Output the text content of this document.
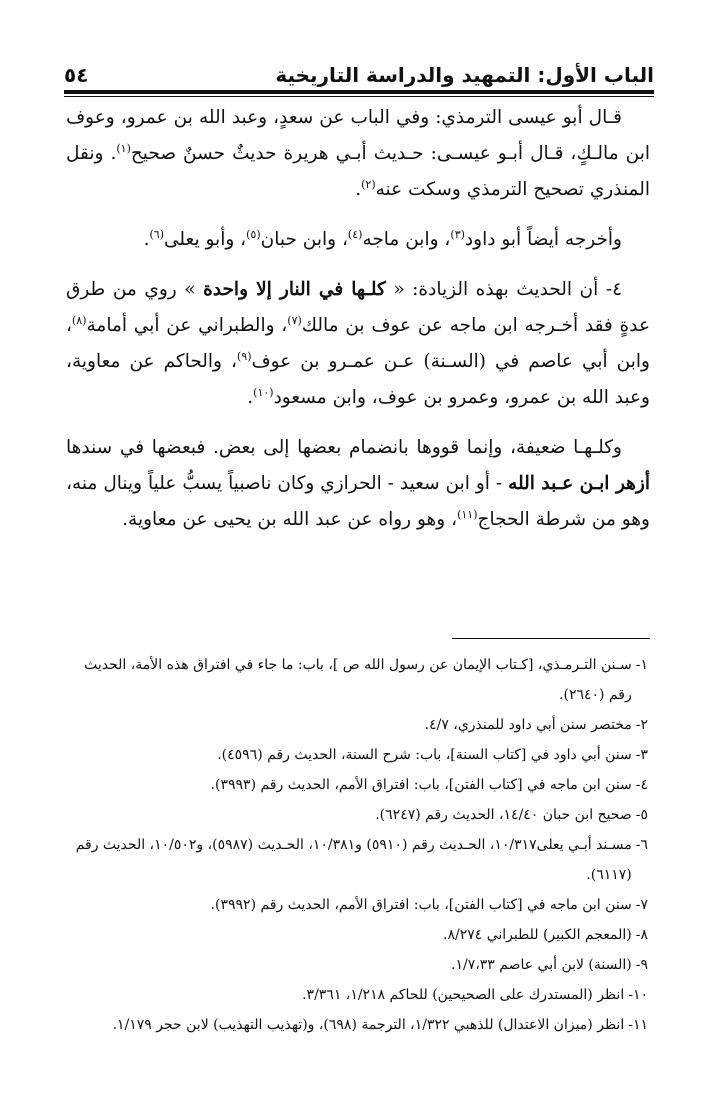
الباب الأول: التمهيد والدراسة التاريخية
٥٤

قـال أبو عيسى الترمذي: وفي الباب عن سعدٍ، وعبد الله بن عمرو، وعوف ابن مالـكٍ، قـال أبـو عيسـى: حـديث أبـي هريرة حديثٌ حسنٌ صحيح$^{(١)}$. ونقل المنذري تصحيح الترمذي وسكت عنه$^{(٢)}$.

وأخرجه أيضاً أبو داود$^{(٣)}$، وابن ماجه$^{(٤)}$، وابن حبان$^{(٥)}$، وأبو يعلى$^{(٦)}$.

٤- أن الحديث بهذه الزيادة: « كلـها في النار إلا واحدة » روي من طرق عدةٍ فقد أخـرجه ابن ماجه عن عوف بن مالك$^{(٧)}$، والطبراني عن أبي أمامة$^{(٨)}$، وابن أبي عاصم في (السـنة) عـن عمـرو بن عوف$^{(٩)}$، والحاكم عن معاوية، وعبد الله بن عمرو، وعمرو بن عوف، وابن مسعود$^{(١٠)}$.

وكلـهـا ضعيفة، وإنما قووها بانضمام بعضها إلى بعض. فبعضها في سندها أزهر ابـن عـبد الله - أو ابن سعيد - الحرازي وكان ناصبياً يسبُّ علياً وينال منه، وهو من شرطة الحجاج$^{(١١)}$، وهو رواه عن عبد الله بن يحيى عن معاوية.

١-
سـنن التـرمـذي، [كـتاب الإيمان عن رسول الله ص ]، باب: ما جاء في افتراق هذه الأمة، الحديث رقم (٢٦٤٠).
٢-
مختصر سنن أبي داود للمنذري، ٤/٧.
٣-
سنن أبي داود في [كتاب السنة]، باب: شرح السنة، الحديث رقم (٤٥٩٦).
٤-
سنن ابن ماجه في [كتاب الفتن]، باب: افتراق الأمم، الحديث رقم (٣٩٩٣).
٥-
صحيح ابن حبان ١٤/٤٠، الحديث رقم (٦٢٤٧).
٦-
مسـند أبـي يعلى١٠/٣١٧، الحـديث رقم (٥٩١٠) و١٠/٣٨١، الحـديث (٥٩٨٧)، و١٠/٥٠٢، الحديث رقم (٦١١٧).
٧-
سنن ابن ماجه في [كتاب الفتن]، باب: افتراق الأمم، الحديث رقم (٣٩٩٢).
٨-
(المعجم الكبير) للطبراني ٨/٢٧٤.
٩-
(السنة) لابن أبي عاصم ١/٧،٣٣.
١٠-
انظر (المستدرك على الصحيحين) للحاكم ١/٢١٨، ٣/٣٦١.
١١-
انظر (ميزان الاعتدال) للذهبي ١/٣٢٢، الترجمة (٦٩٨)، و(تهذيب التهذيب) لابن حجر ١/١٧٩.
